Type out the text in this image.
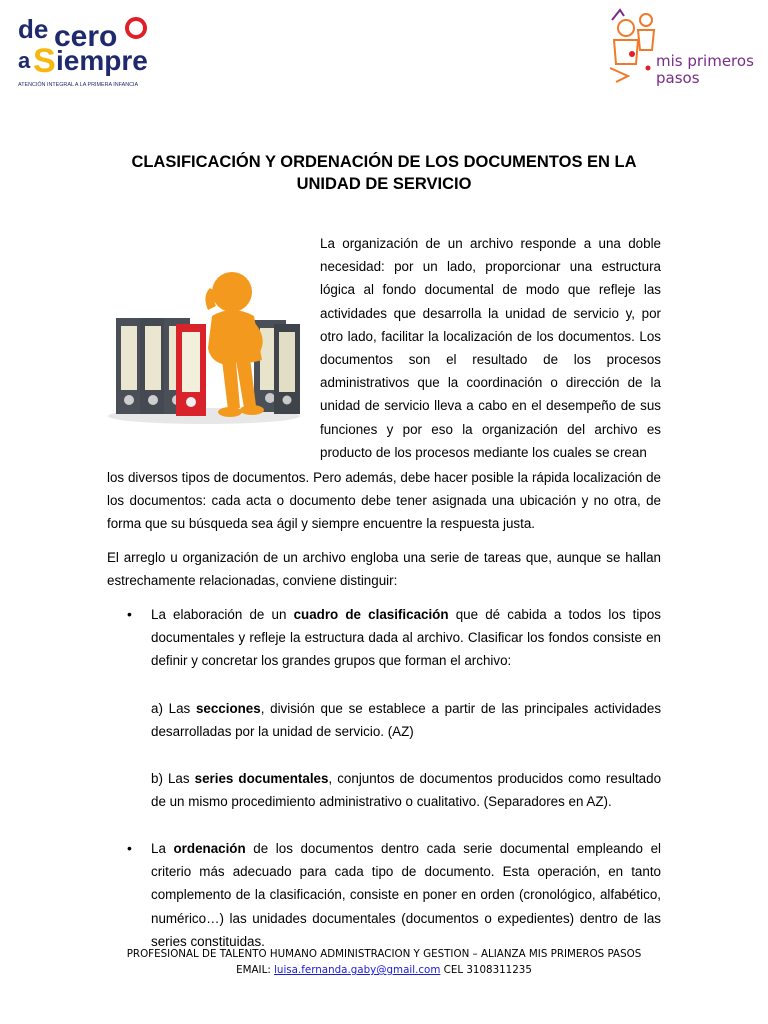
de cero
a S iempre
ATENCIÓN INTEGRAL A LA PRIMERA INFANCIA
mis primeros
pasos
CLASIFICACIÓN Y ORDENACIÓN DE LOS DOCUMENTOS EN LA
UNIDAD DE SERVICIO

La organización de un archivo responde a una doble necesidad: por un lado, proporcionar una estructura lógica al fondo documental de modo que refleje las actividades que desarrolla la unidad de servicio y, por otro lado, facilitar la localización de los documentos. Los documentos son el resultado de los procesos administrativos que la coordinación o dirección de la unidad de servicio lleva a cabo en el desempeño de sus funciones y por eso la organización del archivo es producto de los procesos mediante los cuales se crean

los diversos tipos de documentos. Pero además, debe hacer posible la rápida localización de los documentos: cada acta o documento debe tener asignada una ubicación y no otra, de forma que su búsqueda sea ágil y siempre encuentre la respuesta justa.

El arreglo u organización de un archivo engloba una serie de tareas que, aunque se hallan estrechamente relacionadas, conviene distinguir:

• La elaboración de un cuadro de clasificación que dé cabida a todos los tipos documentales y refleje la estructura dada al archivo. Clasificar los fondos consiste en definir y concretar los grandes grupos que forman el archivo:

a) Las secciones, división que se establece a partir de las principales actividades desarrolladas por la unidad de servicio. (AZ)

b) Las series documentales, conjuntos de documentos producidos como resultado de un mismo procedimiento administrativo o cualitativo. (Separadores en AZ).

• La ordenación de los documentos dentro cada serie documental empleando el criterio más adecuado para cada tipo de documento. Esta operación, en tanto complemento de la clasificación, consiste en poner en orden (cronológico, alfabético, numérico…) las unidades documentales (documentos o expedientes) dentro de las series constituidas.

PROFESIONAL DE TALENTO HUMANO ADMINISTRACION Y GESTION – ALIANZA MIS PRIMEROS PASOS
EMAIL: luisa.fernanda.gaby@gmail.com CEL 3108311235
